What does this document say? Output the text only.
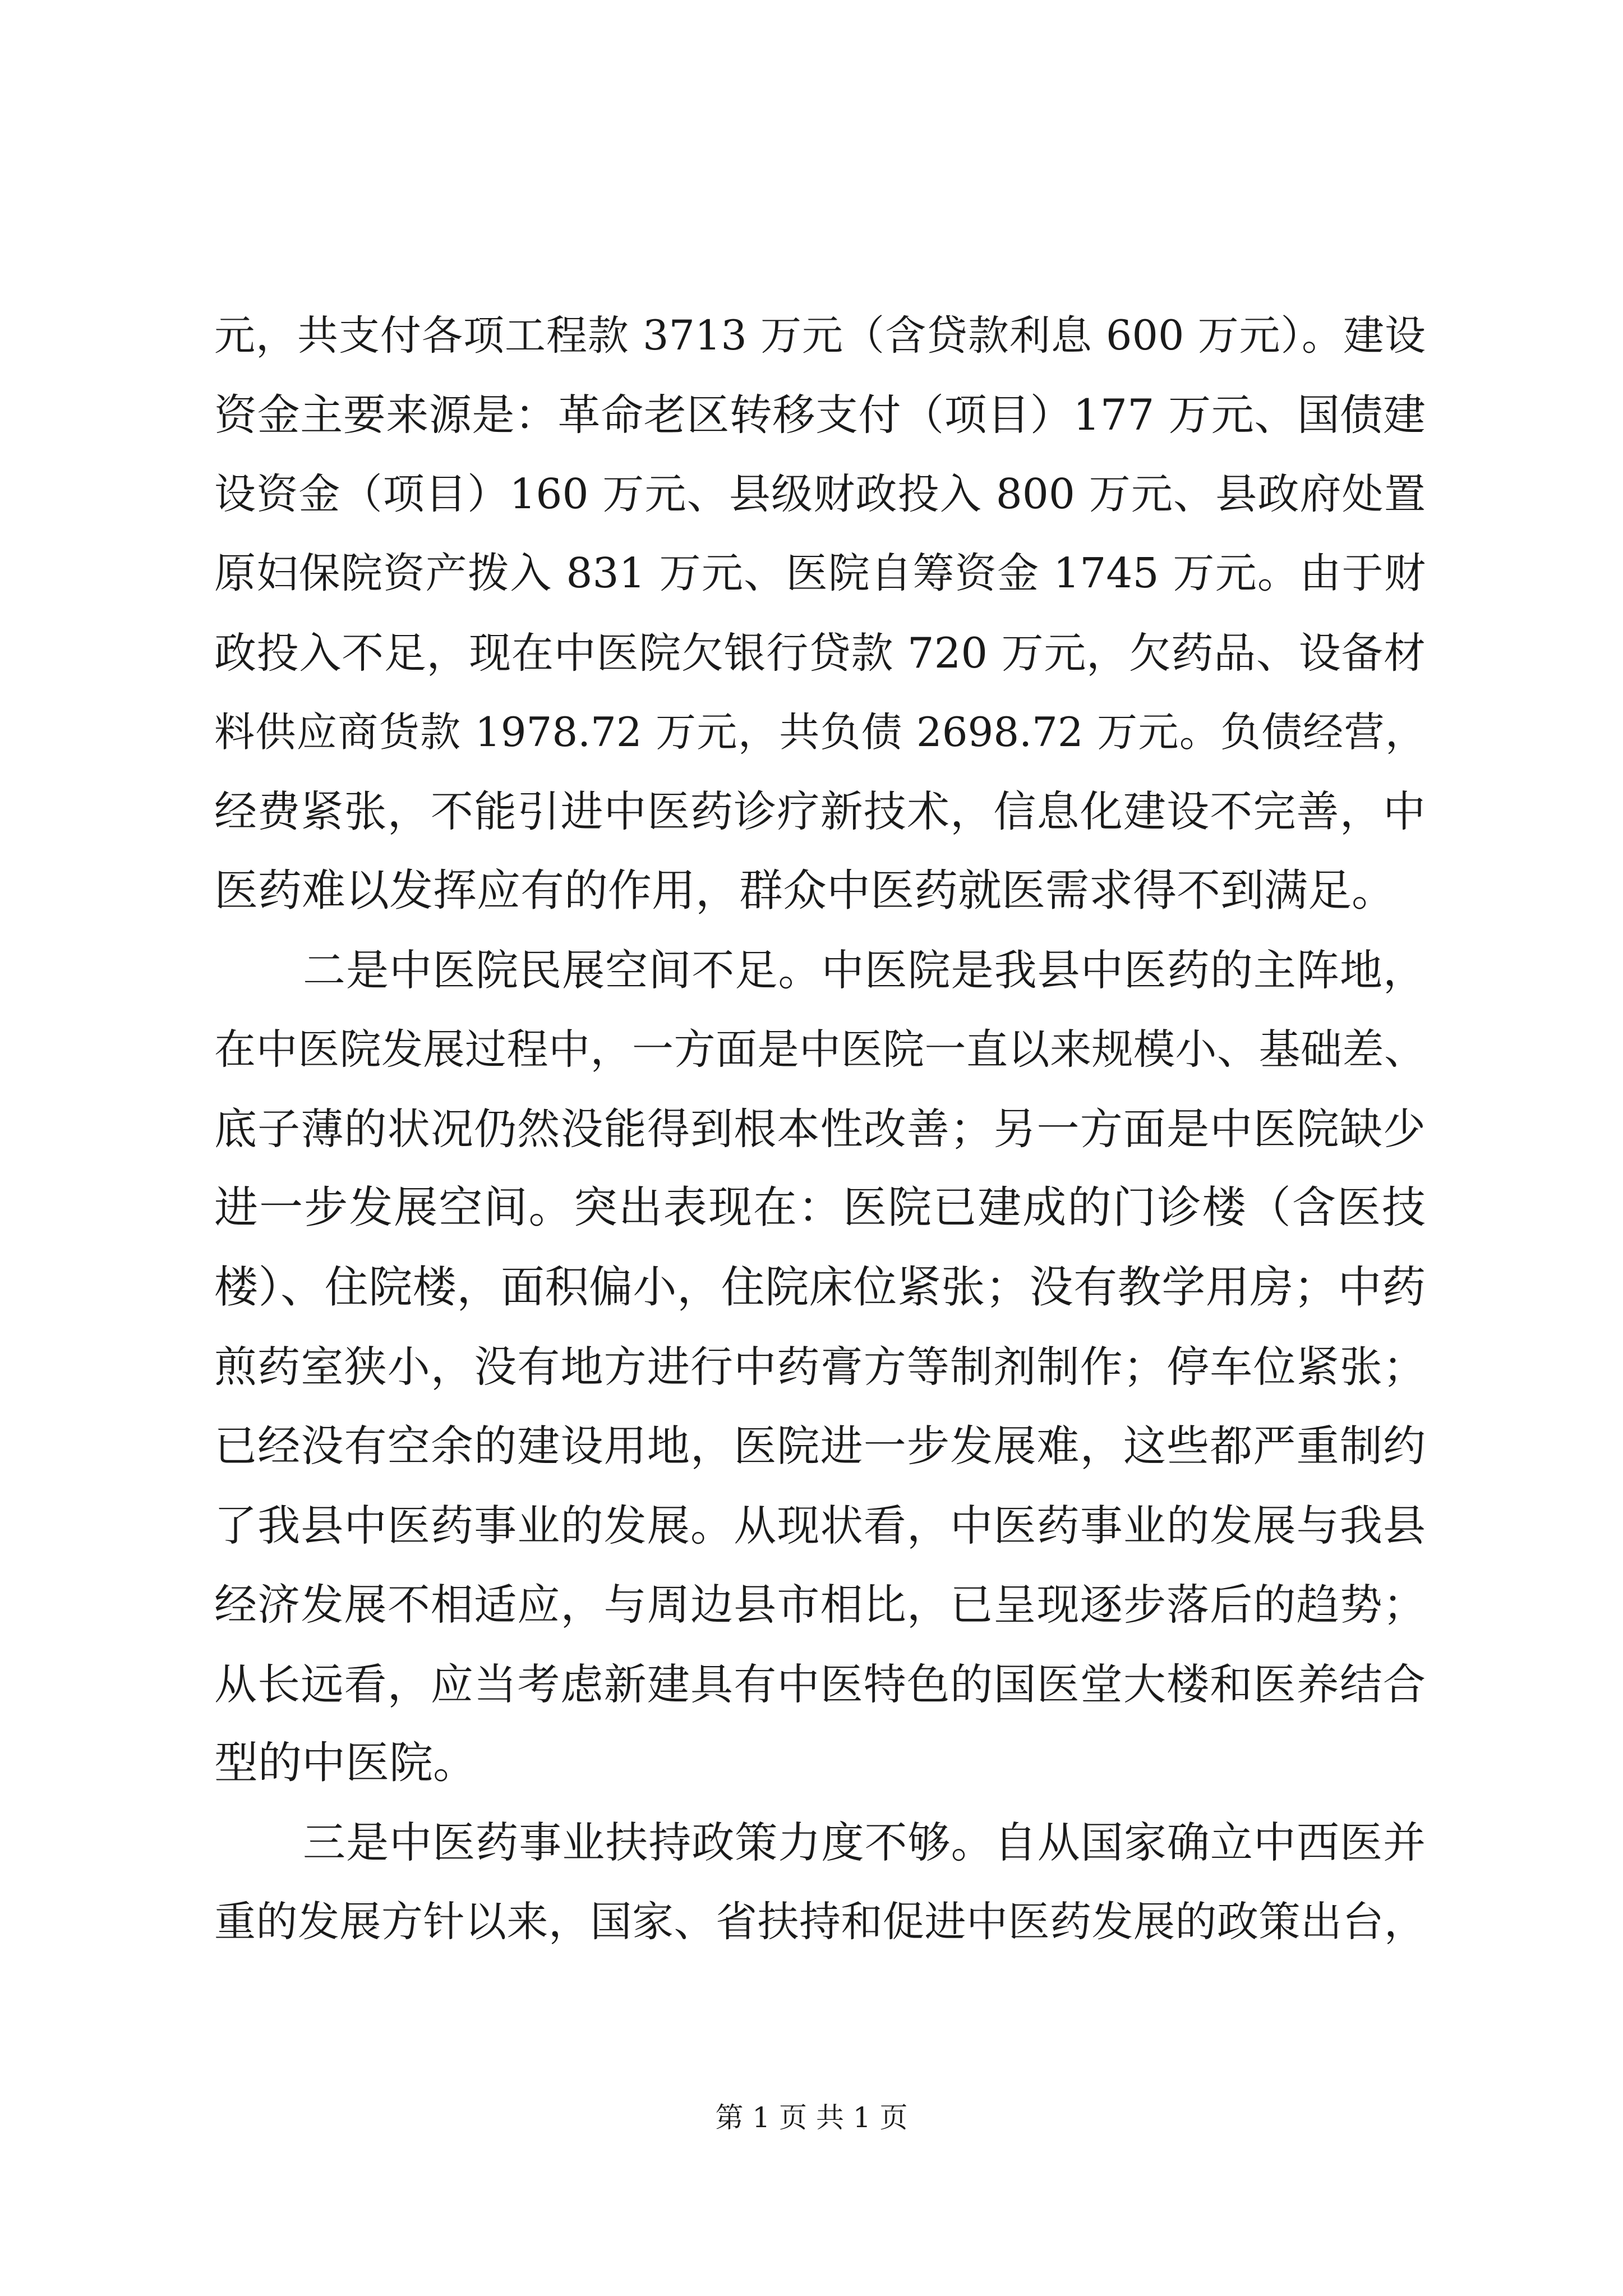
元，共支付各项工程款 3713 万元（含贷款利息 600 万元）。建设
资金主要来源是：革命老区转移支付（项目）177 万元、国债建
设资金（项目）160 万元、县级财政投入 800 万元、县政府处置
原妇保院资产拨入 831 万元、医院自筹资金 1745 万元。由于财
政投入不足，现在中医院欠银行贷款 720 万元，欠药品、设备材
料供应商货款 1978.72 万元，共负债 2698.72 万元。负债经营，
经费紧张，不能引进中医药诊疗新技术，信息化建设不完善，中
医药难以发挥应有的作用，群众中医药就医需求得不到满足。
二是中医院民展空间不足。中医院是我县中医药的主阵地，
在中医院发展过程中，一方面是中医院一直以来规模小、基础差、
底子薄的状况仍然没能得到根本性改善；另一方面是中医院缺少
进一步发展空间。突出表现在：医院已建成的门诊楼（含医技
楼）、住院楼，面积偏小，住院床位紧张；没有教学用房；中药
煎药室狭小，没有地方进行中药膏方等制剂制作；停车位紧张；
已经没有空余的建设用地，医院进一步发展难，这些都严重制约
了我县中医药事业的发展。从现状看，中医药事业的发展与我县
经济发展不相适应，与周边县市相比，已呈现逐步落后的趋势；
从长远看，应当考虑新建具有中医特色的国医堂大楼和医养结合
型的中医院。
三是中医药事业扶持政策力度不够。自从国家确立中西医并
重的发展方针以来，国家、省扶持和促进中医药发展的政策出台，
第 1 页 共 1 页
